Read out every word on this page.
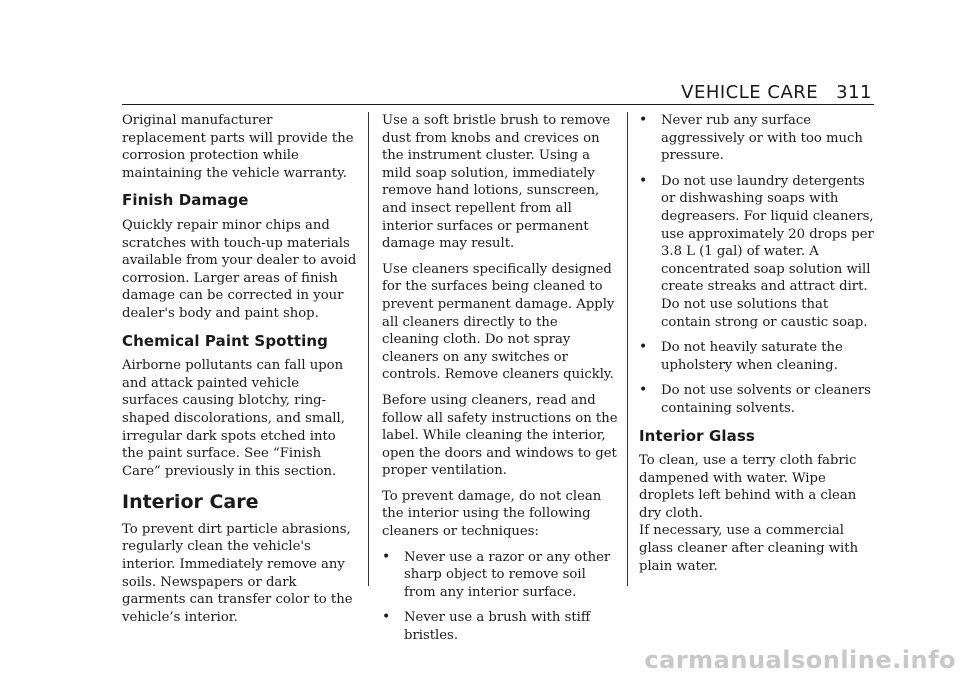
VEHICLE CARE 311

Original manufacturer replacement parts will provide the corrosion protection while maintaining the vehicle warranty.

Finish Damage

Quickly repair minor chips and scratches with touch-up materials available from your dealer to avoid corrosion. Larger areas of finish damage can be corrected in your dealer's body and paint shop.

Chemical Paint Spotting

Airborne pollutants can fall upon and attack painted vehicle surfaces causing blotchy, ring-shaped discolorations, and small, irregular dark spots etched into the paint surface. See “Finish Care” previously in this section.

Interior Care

To prevent dirt particle abrasions, regularly clean the vehicle's interior. Immediately remove any soils. Newspapers or dark garments can transfer color to the vehicle’s interior.

Use a soft bristle brush to remove dust from knobs and crevices on the instrument cluster. Using a mild soap solution, immediately remove hand lotions, sunscreen, and insect repellent from all interior surfaces or permanent damage may result.

Use cleaners specifically designed for the surfaces being cleaned to prevent permanent damage. Apply all cleaners directly to the cleaning cloth. Do not spray cleaners on any switches or controls. Remove cleaners quickly.

Before using cleaners, read and follow all safety instructions on the label. While cleaning the interior, open the doors and windows to get proper ventilation.

To prevent damage, do not clean the interior using the following cleaners or techniques:

•	Never use a razor or any other sharp object to remove soil from any interior surface.
•	Never use a brush with stiff bristles.
•	Never rub any surface aggressively or with too much pressure.
•	Do not use laundry detergents or dishwashing soaps with degreasers. For liquid cleaners, use approximately 20 drops per 3.8 L (1 gal) of water. A concentrated soap solution will create streaks and attract dirt. Do not use solutions that contain strong or caustic soap.
•	Do not heavily saturate the upholstery when cleaning.
•	Do not use solvents or cleaners containing solvents.
Interior Glass

To clean, use a terry cloth fabric dampened with water. Wipe droplets left behind with a clean dry cloth.

If necessary, use a commercial glass cleaner after cleaning with plain water.

carmanualsonline.info
